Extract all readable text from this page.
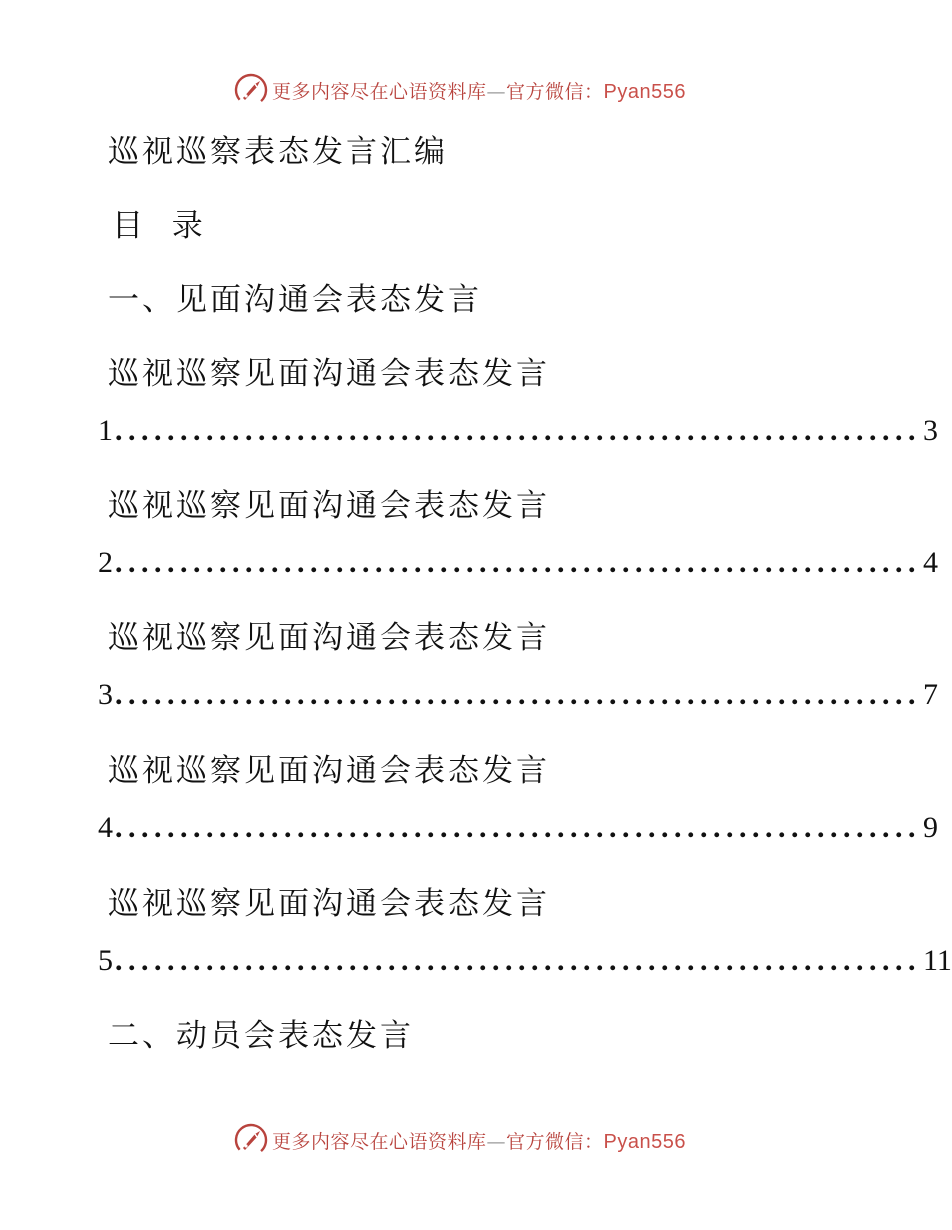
更多内容尽在心语资料库—官方微信：Pyan556
巡视巡察表态发言汇编
目  录
一、见面沟通会表态发言
巡视巡察见面沟通会表态发言
1 .............................................................. 3
巡视巡察见面沟通会表态发言
2 .............................................................. 4
巡视巡察见面沟通会表态发言
3 .............................................................. 7
巡视巡察见面沟通会表态发言
4 .............................................................. 9
巡视巡察见面沟通会表态发言
5 .............................................................. 11
二、动员会表态发言
更多内容尽在心语资料库—官方微信：Pyan556
